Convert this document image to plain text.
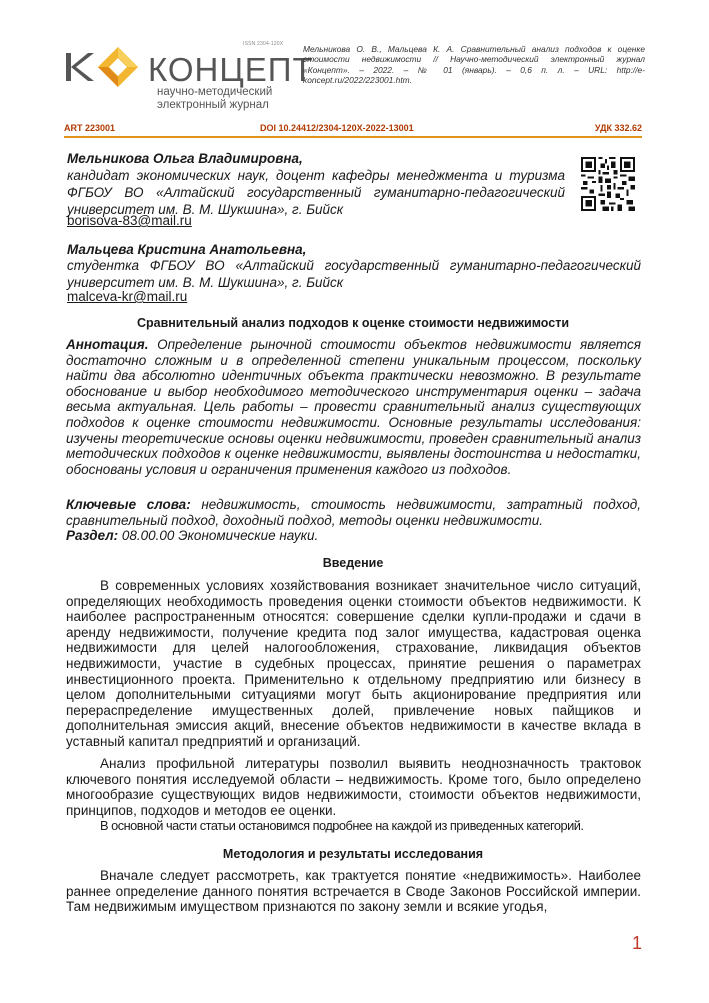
КОНЦЕПТ
ISSN 2304-120X
научно-методический
электронный журнал
Мельникова О. В., Мальцева К. А. Сравнительный анализ подходов к оценке стоимости недвижимости // Научно-методический электронный журнал «Концепт». – 2022. – № 01 (январь). – 0,6 п. л. – URL: http://e-koncept.ru/2022/223001.htm.
ART 223001	DOI 10.24412/2304-120X-2022-13001	УДК 332.62
Мельникова Ольга Владимировна,
кандидат экономических наук, доцент кафедры менеджмента и туризма ФГБОУ ВО «Алтайский государственный гуманитарно-педагогический университет им. В. М. Шукшина», г. Бийск
borisova-83@mail.ru
Мальцева Кристина Анатольевна,
студентка ФГБОУ ВО «Алтайский государственный гуманитарно-педагогический университет им. В. М. Шукшина», г. Бийск
malceva-kr@mail.ru
Сравнительный анализ подходов к оценке стоимости недвижимости
Аннотация. Определение рыночной стоимости объектов недвижимости является достаточно сложным и в определенной степени уникальным процессом, поскольку найти два абсолютно идентичных объекта практически невозможно. В результате обоснование и выбор необходимого методического инструментария оценки – задача весьма актуальная. Цель работы – провести сравнительный анализ существующих подходов к оценке стоимости недвижимости. Основные результаты исследования: изучены теоретические основы оценки недвижимости, проведен сравнительный анализ методических подходов к оценке недвижимости, выявлены достоинства и недостатки, обоснованы условия и ограничения применения каждого из подходов.
Ключевые слова: недвижимость, стоимость недвижимости, затратный подход, сравнительный подход, доходный подход, методы оценки недвижимости.
Раздел: 08.00.00 Экономические науки.
Введение
В современных условиях хозяйствования возникает значительное число ситуаций, определяющих необходимость проведения оценки стоимости объектов недвижимости. К наиболее распространенным относятся: совершение сделки купли-продажи и сдачи в аренду недвижимости, получение кредита под залог имущества, кадастровая оценка недвижимости для целей налогообложения, страхование, ликвидация объектов недвижимости, участие в судебных процессах, принятие решения о параметрах инвестиционного проекта. Применительно к отдельному предприятию или бизнесу в целом дополнительными ситуациями могут быть акционирование предприятия или перераспределение имущественных долей, привлечение новых пайщиков и дополнительная эмиссия акций, внесение объектов недвижимости в качестве вклада в уставный капитал предприятий и организаций.
Анализ профильной литературы позволил выявить неоднозначность трактовок ключевого понятия исследуемой области – недвижимость. Кроме того, было определено многообразие существующих видов недвижимости, стоимости объектов недвижимости, принципов, подходов и методов ее оценки.
В основной части статьи остановимся подробнее на каждой из приведенных категорий.
Методология и результаты исследования
Вначале следует рассмотреть, как трактуется понятие «недвижимость». Наиболее раннее определение данного понятия встречается в Своде Законов Российской империи. Там недвижимым имуществом признаются по закону земли и всякие угодья,
1
